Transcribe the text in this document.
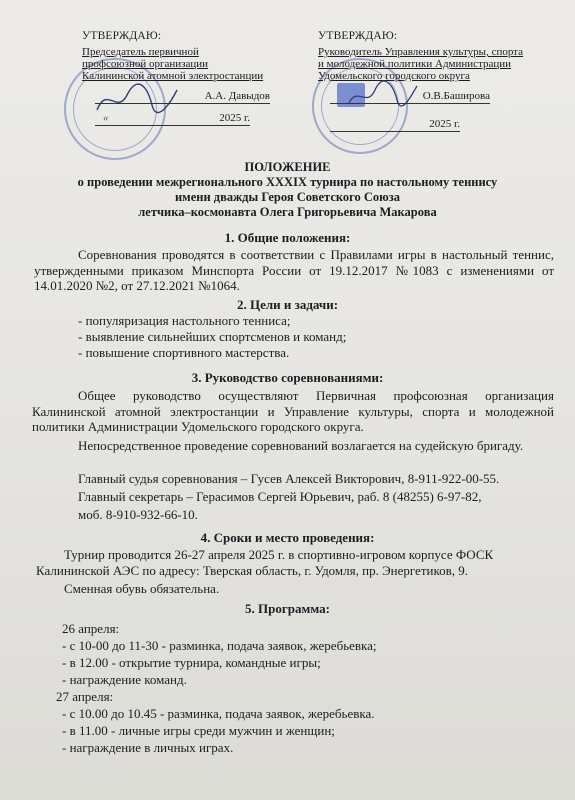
УТВЕРЖДАЮ:
Председатель первичной
профсоюзной организации
Калининской атомной электростанции
А.А. Давыдов
«	2025 г.
УТВЕРЖДАЮ:
Руководитель Управления культуры, спорта
и молодежной политики Администрации
Удомельского городского округа
О.В.Баширова
2025 г.
ПОЛОЖЕНИЕ
о проведении межрегионального XXXIX турнира по настольному теннису
имени дважды Героя Советского Союза
летчика–космонавта Олега Григорьевича Макарова
1. Общие положения:
Соревнования проводятся в соответствии с Правилами игры в настольный теннис, утвержденными приказом Минспорта России от 19.12.2017 №1083 с изменениями от 14.01.2020 №2, от 27.12.2021 №1064.
2. Цели и задачи:
- популяризация настольного тенниса;
- выявление сильнейших спортсменов и команд;
- повышение спортивного мастерства.
3. Руководство соревнованиями:
Общее руководство осуществляют Первичная профсоюзная организация Калининской атомной электростанции и Управление культуры, спорта и молодежной политики Администрации Удомельского городского округа.
Непосредственное проведение соревнований возлагается на судейскую бригаду.
Главный судья соревнования – Гусев Алексей Викторович, 8-911-922-00-55.
Главный секретарь – Герасимов Сергей Юрьевич, раб. 8 (48255) 6-97-82,
моб. 8-910-932-66-10.
4. Сроки и место проведения:
Турнир проводится 26-27 апреля 2025 г. в спортивно-игровом корпусе ФОСК Калининской АЭС по адресу: Тверская область, г. Удомля, пр. Энергетиков, 9.
Сменная обувь обязательна.
5. Программа:
26 апреля:
- с 10-00 до 11-30 - разминка, подача заявок, жеребьевка;
- в 12.00 - открытие турнира, командные игры;
- награждение команд.
27 апреля:
- с 10.00 до 10.45 - разминка, подача заявок, жеребьевка.
- в 11.00 - личные игры среди мужчин и женщин;
- награждение в личных играх.
